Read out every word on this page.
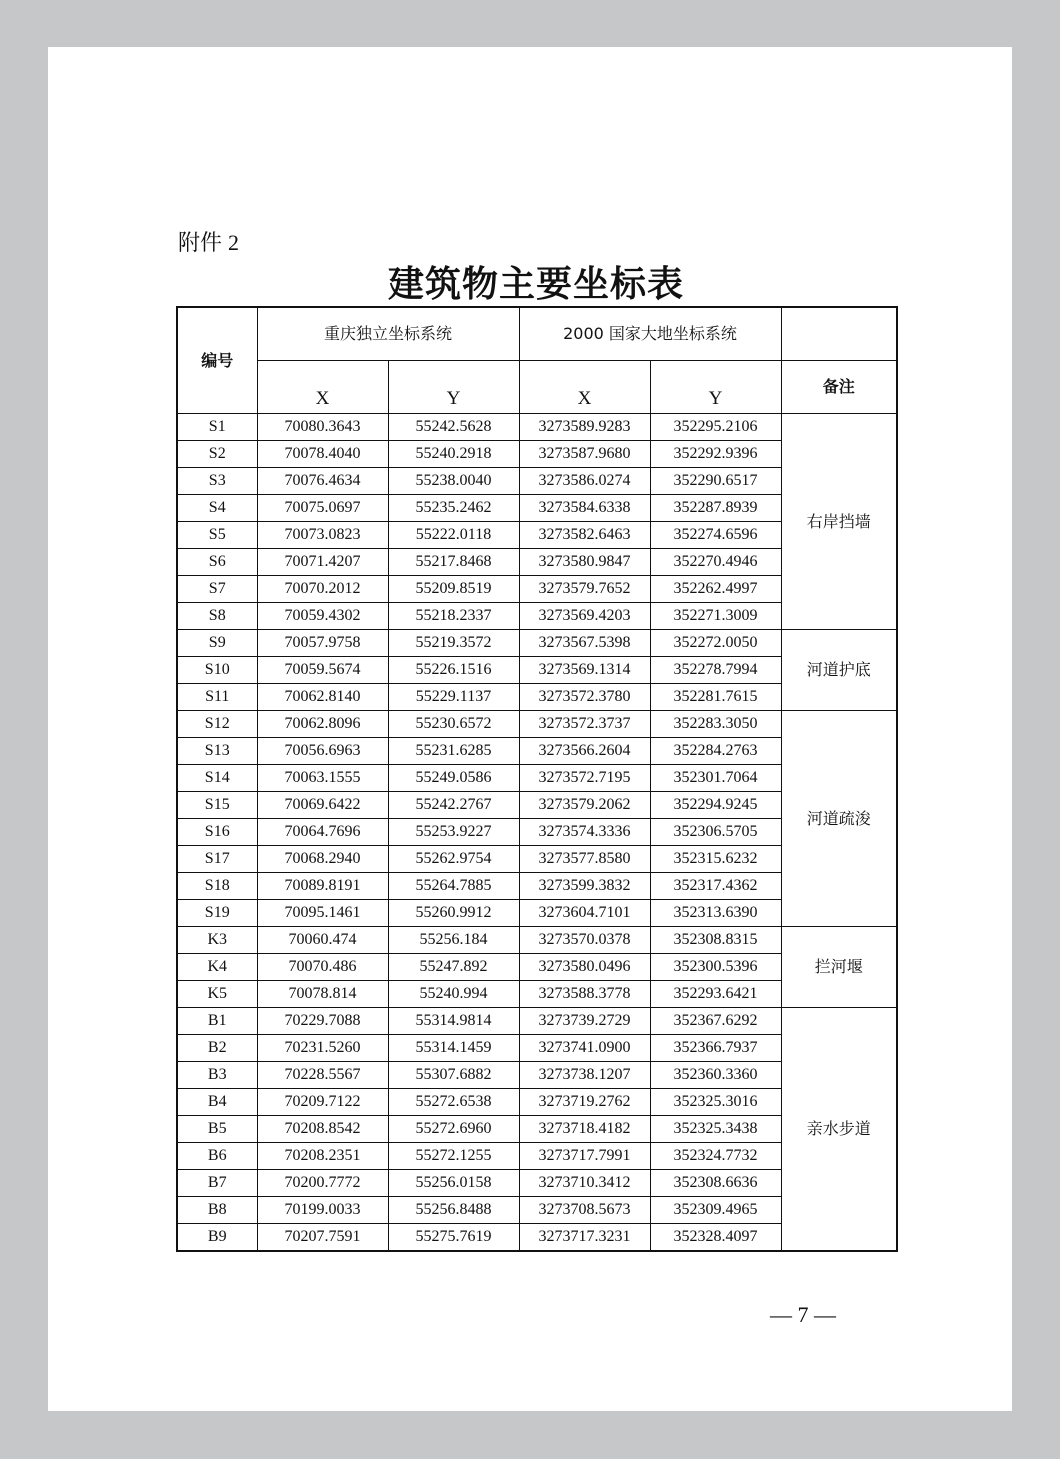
附件 2
建筑物主要坐标表
编号	重庆独立坐标系统		2000 国家大地坐标系统		
	X	Y	X	Y	备注
S1	70080.3643	55242.5628	3273589.9283	352295.2106	右岸挡墙
S2	70078.4040	55240.2918	3273587.9680	352292.9396	
S3	70076.4634	55238.0040	3273586.0274	352290.6517	
S4	70075.0697	55235.2462	3273584.6338	352287.8939	
S5	70073.0823	55222.0118	3273582.6463	352274.6596	
S6	70071.4207	55217.8468	3273580.9847	352270.4946	
S7	70070.2012	55209.8519	3273579.7652	352262.4997	
S8	70059.4302	55218.2337	3273569.4203	352271.3009	
S9	70057.9758	55219.3572	3273567.5398	352272.0050	河道护底
S10	70059.5674	55226.1516	3273569.1314	352278.7994	
S11	70062.8140	55229.1137	3273572.3780	352281.7615	
S12	70062.8096	55230.6572	3273572.3737	352283.3050	河道疏浚
S13	70056.6963	55231.6285	3273566.2604	352284.2763	
S14	70063.1555	55249.0586	3273572.7195	352301.7064	
S15	70069.6422	55242.2767	3273579.2062	352294.9245	
S16	70064.7696	55253.9227	3273574.3336	352306.5705	
S17	70068.2940	55262.9754	3273577.8580	352315.6232	
S18	70089.8191	55264.7885	3273599.3832	352317.4362	
S19	70095.1461	55260.9912	3273604.7101	352313.6390	
K3	70060.474	55256.184	3273570.0378	352308.8315	拦河堰
K4	70070.486	55247.892	3273580.0496	352300.5396	
K5	70078.814	55240.994	3273588.3778	352293.6421	
B1	70229.7088	55314.9814	3273739.2729	352367.6292	亲水步道
B2	70231.5260	55314.1459	3273741.0900	352366.7937	
B3	70228.5567	55307.6882	3273738.1207	352360.3360	
B4	70209.7122	55272.6538	3273719.2762	352325.3016	
B5	70208.8542	55272.6960	3273718.4182	352325.3438	
B6	70208.2351	55272.1255	3273717.7991	352324.7732	
B7	70200.7772	55256.0158	3273710.3412	352308.6636	
B8	70199.0033	55256.8488	3273708.5673	352309.4965	
B9	70207.7591	55275.7619	3273717.3231	352328.4097	
— 7 —
